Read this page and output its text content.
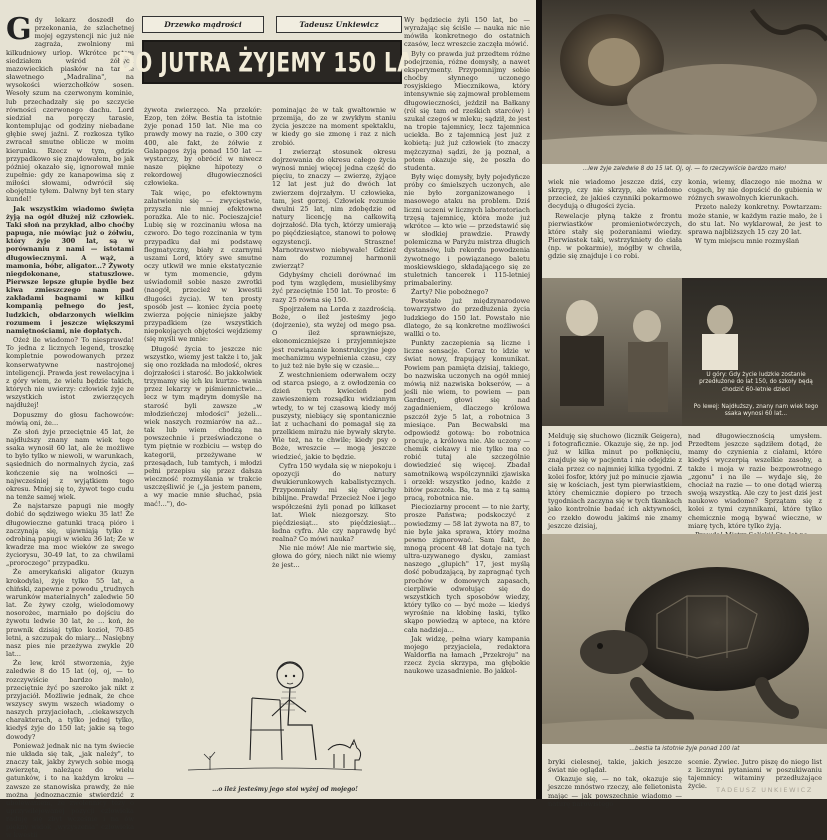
G dy lekarz doszedł do przekonania, że szlachetnej mojej egzystencji nic już nie zagraża, zwolniony mi kilkudniowy urlop. Wkrótce potem siedziałem wśród żółtych mazowieckich piasków na tarasie sławetnego „Madralina", na wysokości wierzchołków sosen. Wesoły szum na czerwonym kominie, lub przechadzały się po szczycie równości czerwonego dachu. Lord siedział na poręczy tarasie, kontemplując od godziny niebadane głębie swej jaźni. Z rozkosza tylko zwracał smutne oblicze w moim kierunku. Rzecz w tym, gdzie przypadkowo się znajdowałem, bo jak później okazało się, ignorował mnie zupełnie: gdy ze kanapowima się z miłości słowami, odwrócił się obojętnie tyłem. Dalwny był ten stary kundel!

Jak wszystkim wiadomo święta żyją na ogół dłużej niż człowiek. Taki słoń na przykład, albo choćby papuga, nie mówiąc już o żółwiu, który żyje 300 lat, są w porównaniu z nami — istotami długowiecznymi. A wąż, a mamonia, bóbr, aligator...? Żywoty niegdokonane, statuszlowe. Pierwsze lepsze głupie bydle bez kiwa zmieszczego nam pad zakładami bagnami w kilku kompanią pełnego do jest, ludzkich, obdarzonych wielkim rozumem i jeszcze większymi namiętnościami, nie dopłatych.

Ożeż ile wiadomo? To niesprawda! To jedna z licznych legend, troszkę kompletnie powodowanych przez konserwatywne nastrojonej inteligencji. Prawda jest rewelacyjna i z góry wiem, że wielu będzie takich, których nie uwierzy: człowiek żyje ze wszystkich istot zwierzęcych najdłużej!

Dopuszmy do głosu fachowców: mówią oni, że...

Ze słoń żyje przeciętnie 45 lat, że najdłuższy znany nam wiek tego ssaka wynosił 60 lat, ale że możliwe to było tylko w niewoli, w warunkach, sąsiednich do normalnych życia, zaś kończenie się na wolności — najwcześniej z wyjątkiem tego okresu. Mniej się to, żywot tego cudu na tenże samej wiek.

Że najstarsze papugi nie mogły dobić do sędziwego wieku 35 lat! Że długowieczne gatunki tracą pióro i zaczynają się, ujawniają tylko z odrobiną papugi w wieku 36 lat; Że w kwadrze ma moc wieków ze swego życiorysu, 30-49 lat, to za chwilami „proroczego" przypadku.

Że amerykański aligator (kuzyn krokodyla), żyje tylko 55 lat, a chiński, zapewne z powodu „trudnych warunków materialnych" zaledwie 50 lat. Że żywy czołg, wielodomowy nosorożec, marniało po dojściu do żywotu ledwie 30 lat, że ... koń, że prawnik dzisiaj tylko kozioł, 70-85 letni, a szczupak do miary... Nasiębny nasz pies nie przeżywa zwykle 20 lat...

Że lew, król stworzenia, żyje zaledwie 8 do 15 lat (oj, oj, — to rozczywiście bardzo mało), przeciętnie żyć po szeroko jak nikt z przyjaciół. Możliwie jednak, że chce wszyscy swym wszech wiadomy o naszych przyjaciołach, ..ciekawszych charakterach, a tylko jednej tylko, kiedyś żyje do 150 lat; jakie są tego dowody?

Ponieważ jednak nic na tym świecie nie układa się tak, „jak należy", to znaczy tak, jakby żywych sobie mogą zwierzęta, należące do wielu gatunków, i to na każdym kroku — zawsze ze stanowiska prawdy, że nie można jednoznacznie stwierdzić z ubolewaniem, że zwolennicy tezy o uprzywilejowanej pozycji człowieka raduję się zbyt wcześnie i na ów piękny widok „wyżyszenia" człowieka w kwestii

Drzewko mądrości	Tadeusz Unkiewicz
DO JUTRA ŻYJEMY 150 LAT

żywota zwierzęco. Na przekór: Ezop, ten żółw. Bestia ta istotnie żyje ponad 150 lat. Nie ma co prawdy mowy na razie, o 300 czy 400, ale fakt, że żółwie z Galapagos żyją ponad 150 lat — wystarczy, by obrócić w niwecz nasze piękne hipotezy o rekordowej długowieczności człowieka.

Tak więc, po efektownym załatwieniu się — zwycięstwie, przyszła nie mniej efektowna porażka. Ale to nic. Pocieszajcie! Lubię się w rozcinaniu włosa na czworo. Do tego rozcinania w tym przypadku dał mi podstawę flegmatyczny, biały z czarnymi uszami Lord, który swe smutne oczy utkwił we mnie ekstatycznie w tym momencie, gdym uświadomił sobie nasze zwrotki (naogół, przecież w kwestii długości życia). W ten prosty sposób jest — koniec życia poetę zwierza pojęcie niniejsze jakby przypadkiem (ze wszystkich niepokojących objętości wejdziemy (się myśli we mnie:

Długość życia to jeszcze nic wszystko, wiemy jest także i to, jak się ono rozkłada na młodość, okres dojrzałości i starość. Bo jakkolwiek trzymamy się ich ku kurtzo- wania przez lekarzy w piśmiennictwie... lecz w tym mądrym domyśle na starość byli zawsze „w młodzieńczej młodości" jeżeli... wiek naszych rozmiarów na aż... tak lub wiem chodzą na powszechnie i przeświadczone o tym piętnie w rozbiciu — wstęp do kategorii, przeżywane w przesądach, lub tamtych, i młodzi pełni przepisu się przez dałsza wieczność rozmyślania w trakcie uszczęśliwić je („ja jestem panem, a wy macie mnie słuchać, psia mać!..."), do-

pominając że w tak gwałtownie w przemija, do ze w zwykłym staniu życia jeszcze na moment spektaklu, w kiedy go sie zmonę i raz z nich zrobió.

I zwierząt stosunek okresu dojrzewania do okresu całego życia wynosi mniej więcej jedna część do pięciu, to znaczy — zwierzę, żyjące 12 lat jest już do dwóch lat zwierzem dojrzałym. U człowieka, tam, jest gorzej. Człowiek rozumie dwulni 25 lat, nim zdobędzie od natury licencję na całkowitą dojrzałość. Dla tych, którzy umierają po pięćdziesiątce, stanowi to połowę egzystencji. Straszne! Marnotrawstwo niebywałe! Gdzież nam do rozumnej harmonii zwierząt?

Gdybyśmy chcieli dorównać im pod tym względem, musielibyśmy żyć przeciętnie 150 lat. To proste: 6 razy 25 równa się 150.

Spojrzałem na Lorda z zazdrością. Boże, o ileż jesteśmy jego (dojrzenie), sta wyżej od mego psa. O ileż sprawniejsze, ekonomiczniejsze i przyjemniejsze jest rozwiązanie konstrukcyjne jego mechanizmu wypełnienia czasu, czy to już też nie byłe się w czasie...

Z westchnieniem oderwałem oczy od starca psiego, a z owłodzenia co dzień tych kwiecień pod zawieszeniem rozsądku widzianym wtedy, to w tej czasową kiedy mój puszysty, niebiący się spontanicznie lat z uchachani do pomagał się za przelkiem mirażu nie bywały skryte. Wie też, na te chwile; kiedy psy o Boże, wreszcie — mogą jeszcze wiedzieć, jakie to będzie.

Cyfra 150 wydała się w niepokoju i opozycji do natury dwukierunkowych kabalistycznych. Przypomniały mi się okruchy biblijne. Prawda! Przecież Noe i jego współcześni żyli ponad po kilkaset lat. Wiek niezgorszy. Sto pięćdziesiąt... sto pięćdziesiąt... ładna cyfra. Ale czy naprawdę być realna? Co mówi nauka?

Nie nie mów! Ale nie martwie się, głowa do góry, niech nikt nie wiemy że jest...

Wy będziecie żyli 150 lat, bo — wyrażając się ściśle — nauka nic nie mówiła konkretnego do ostatnich czasów, lecz wreszcie zaczęła mówić.

Były co prawda już przedtem różne podejrzenia, różne domysły, a nawet eksperymenty. Przypomnijmy sobie choćby słynnego uczonego rosyjskiego Miecznikowa, który intensywnie się zajmował problemem długowieczności, jeździł na Bałkany (ról się tam od rześkich starców) i szukał czegoś w mleku; sądził, że jest na tropie tajemnicy, lecz tajemnica uciekła. Bo z tajemnicą jest już z kobietą: już już człowiek (to znaczy mężczyzna) sądzi, że ją poznał, a potem okazuje się, że poszła do studenta.

Były więc domysły, były pojedyńcze próby co śmielszych uczonych, ale nie było zorganizowanego i masowego ataku na problem. Dziś liczni uczeni w licznych laboratoriach trzęsą tajemnicę, która może już wkrótce — kto wie — przedstawić się w słodkiej prawdzie. Prawdy polemiczna w Paryżu mistrza długich dystansów, lub rekordu powodzenia żywotnego i powiązanego baletu moskiewskiego, składającego się ze stuletnich tancerek i 115-letniej primabaleriny.

Żarty? Nie pobożnego?

Powstało już międzynarodowe towarzystwo do przedłużenia życia ludzkiego do 150 lat. Powstało nie dlatego, że są konkretne możliwości wallki o to.

Punkty zaczepienia są liczne i liczne sensacje. Coraz to idzie w świat nowy, frapujący komunikat. Powiem pan pamięta dzisiaj, takiego, bo nazwiska uczonych na ogół mniej mówią niż nazwiska bokserów, — a jeśli nie wiem, to powiem — pan Gardner), głowi się nad zagadnieniem, dlaczego królowa pszczół żyje 5 lat, a robotnica 3 miesiące. Pan Becwabski ma odpowiedź gotową: bo robotnica pracuje, a królowa nie. Ale uczony — chemik ciekawy i nie tylko ma co robić tutaj ale szczególnie dowiedzieć się więcej. Zbadał samotnikową wspólczynniki zjawiska i orzekł: wszystko jedno, każde z bitów pszczoła. Ba, ta ma z tą samą pracą, robotnica nie.

Piecioziarny procent — to nie żarty, prosze Państwa; podskoczyć z powiedzmy — 58 lat żywota na 87, to nie byle jaka sprawa, który można pewno zignorować. Sam fakt, że mnogą procent 48 lat dotaje na tych ultra-uzywanego dysku, zamiast naszego „glupich" 17, jest myślą dość pobudzającą, by zapragnąć tych prochów w domowych zapasach, cierpliwie odwołując się do wszystkich tych sposobów wiedzy, który tylko co — być może — kiedyś wyrośnie na kłobinę łaski, tylko skąpo powiedzą w aptece, na które cała nadzieja...

Jak widzę, pełna wiary kampania mojego przyjaciela, redaktora Waldorfla na łamach „Przekroju" na rzecz życia skrzypa, ma głębokie naukowe uzasadnienie. Bo jakkol-

...o ileż jesteśmy jego stoi wyżej od mojego!
...lew żyje zaledwie 8 do 15 lat. Oj, oj. — to rzeczywiście bardzo mało!

wiek nie wiadomo jeszcze dziś, czy skrzyp, czy nie skrzyp, ale wiadomo przecież, że jakieś czynniki pokarmowe decydują o długości życia.

Rewelacje płyną także z frontu pierwiastków promieniotwórczych, które stały się pożeraniami wiedzy. Pierwiastek taki, wstrzykniety do ciała (np. w pokarmie), mógłby w chwila, gdzie się znajduje i co robi.

konia, wiemy, dlaczego nie można w cugach, by nie dopuścić do gubienia w różnych swawolnych kierunkach.

Przeto należy konkretny. Powtarzam: może stanie, w każdym razie mało, że i do stu lat. No wyklarował, że jest to sprawa najbliższych 15 czy 20 lat.

W tym miejscu mnie rozmyślań

U góry: Gdy życie ludzkie zostanie przedłużone do lat 150, do szkoły będą chodzić 60-letnie dzieci
Po lewej: Najdłuższy, znany nam wiek tego ssaka wynosi 60 lat...

Melduję się słuchowo (licznik Geigera), i fotograficznie. Okazuje się, że np. jod już w kilka minut po połknięciu, znajduje się w pacjenta i nie odejdzie z ciała przez co najmniej kilka tygodni. Z kolei fosfor, który już po minucie zjawia się w kościach, jest tym pierwiastkiem, który chemicznie dopiero po trzech tygodniach zaczyna się w tych tkankach jako kontrolnie badać ich aktywności, co rzekło dowodu jakimś nie znamy jeszcze dzisiaj,

nad długowiecznością umysłem. Przedtem jeszcze sądziłem dotąd, że mamy do czynienia z ciałami, które kiedyś wyczerpią wszelkie zasoby, a także i moja w razie bezpowrotnego „zgonu" i na ile — wydaje się, że chociaż na razie — to one dotąd wierzą swoją wszystką. Ale czy to jest dziś jest naukowo wiadome? Sprzątam się z kolei z tymi czynnikami, które tylko chemicznie mogą bywać wieczne, w miarę tych, które tylko żyją.

...bestia ta istotnie żyje ponad 100 lat

bryki cielesnej, takie, jakich jeszcze świat nie oglądał.

Okazuje się, — no tak, okazuje się jeszcze mnóstwo rzeczy, ale felietonista mając — jak powszechnie wiadomo — naturę narowistego

scenie. Żywiec. Jutro piszę do niego list z licznymi pytaniami w poszukiwaniu tajemnicy: witaminy przedłużające życie.	TADEUSZ UNKIEWICZ
